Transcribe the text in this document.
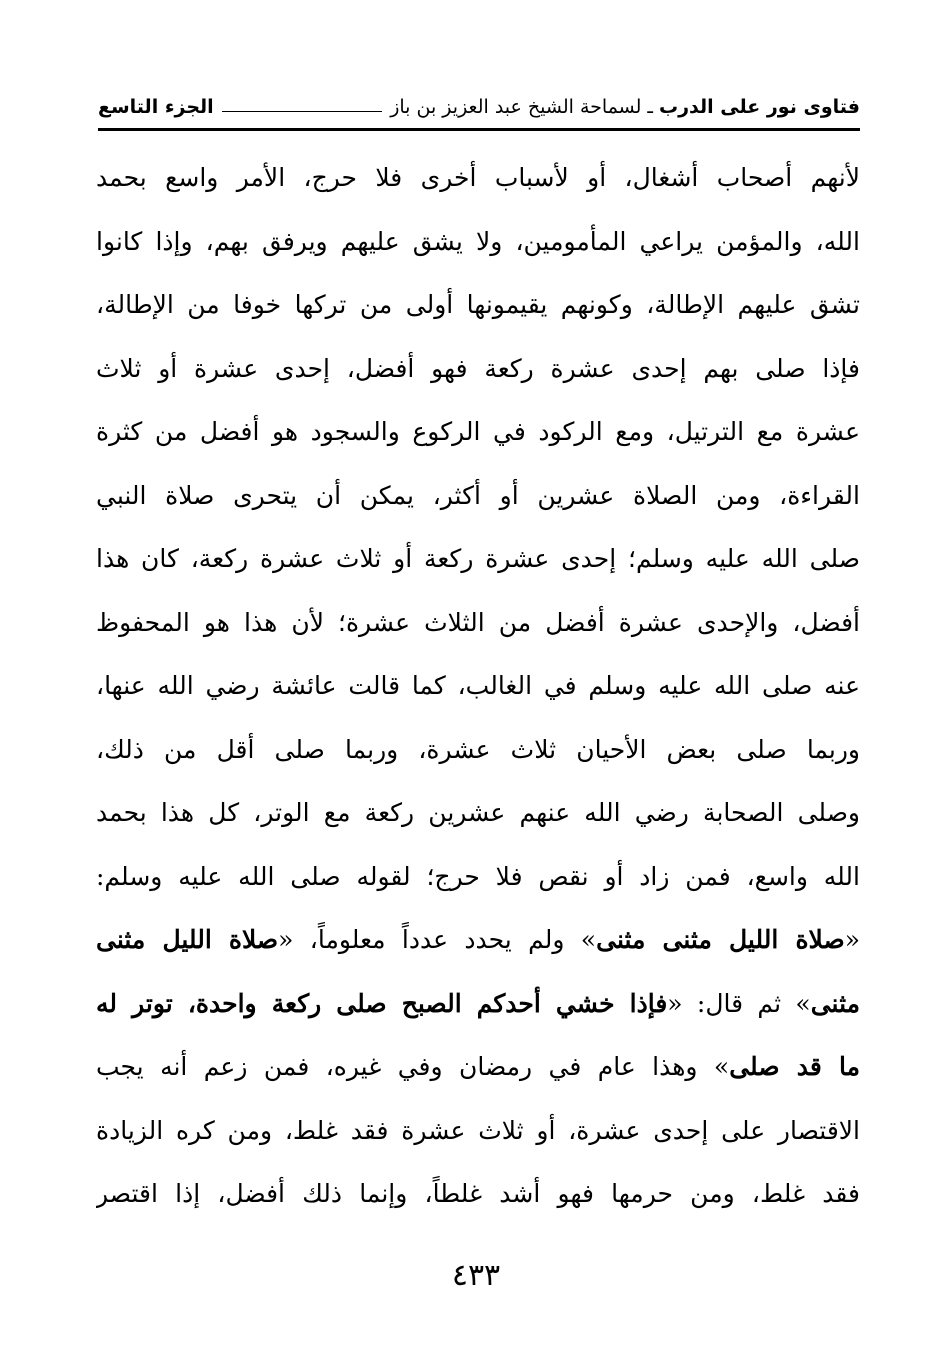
فتاوى نور على الدرب
ـ
لسماحة الشيخ عبد العزيز بن باز
الجزء التاسع
لأنهم أصحاب أشغال، أو لأسباب أخرى فلا حرج، الأمر واسع بحمد
الله، والمؤمن يراعي المأمومين، ولا يشق عليهم ويرفق بهم، وإذا كانوا
تشق عليهم الإطالة، وكونهم يقيمونها أولى من تركها خوفا من الإطالة،
فإذا صلى بهم إحدى عشرة ركعة فهو أفضل، إحدى عشرة أو ثلاث
عشرة مع الترتيل، ومع الركود في الركوع والسجود هو أفضل من كثرة
القراءة، ومن الصلاة عشرين أو أكثر، يمكن أن يتحرى صلاة النبي
صلى الله عليه وسلم؛ إحدى عشرة ركعة أو ثلاث عشرة ركعة، كان هذا
أفضل، والإحدى عشرة أفضل من الثلاث عشرة؛ لأن هذا هو المحفوظ
عنه صلى الله عليه وسلم في الغالب، كما قالت عائشة رضي الله عنها،
وربما صلى بعض الأحيان ثلاث عشرة، وربما صلى أقل من ذلك،
وصلى الصحابة رضي الله عنهم عشرين ركعة مع الوتر، كل هذا بحمد
الله واسع، فمن زاد أو نقص فلا حرج؛ لقوله صلى الله عليه وسلم:
«صلاة الليل مثنى مثنى» ولم يحدد عدداً معلوماً، «صلاة الليل مثنى
مثنى» ثم قال: «فإذا خشي أحدكم الصبح صلى ركعة واحدة، توتر له
ما قد صلى» وهذا عام في رمضان وفي غيره، فمن زعم أنه يجب
الاقتصار على إحدى عشرة، أو ثلاث عشرة فقد غلط، ومن كره الزيادة
فقد غلط، ومن حرمها فهو أشد غلطاً، وإنما ذلك أفضل، إذا اقتصر
٤٣٣
